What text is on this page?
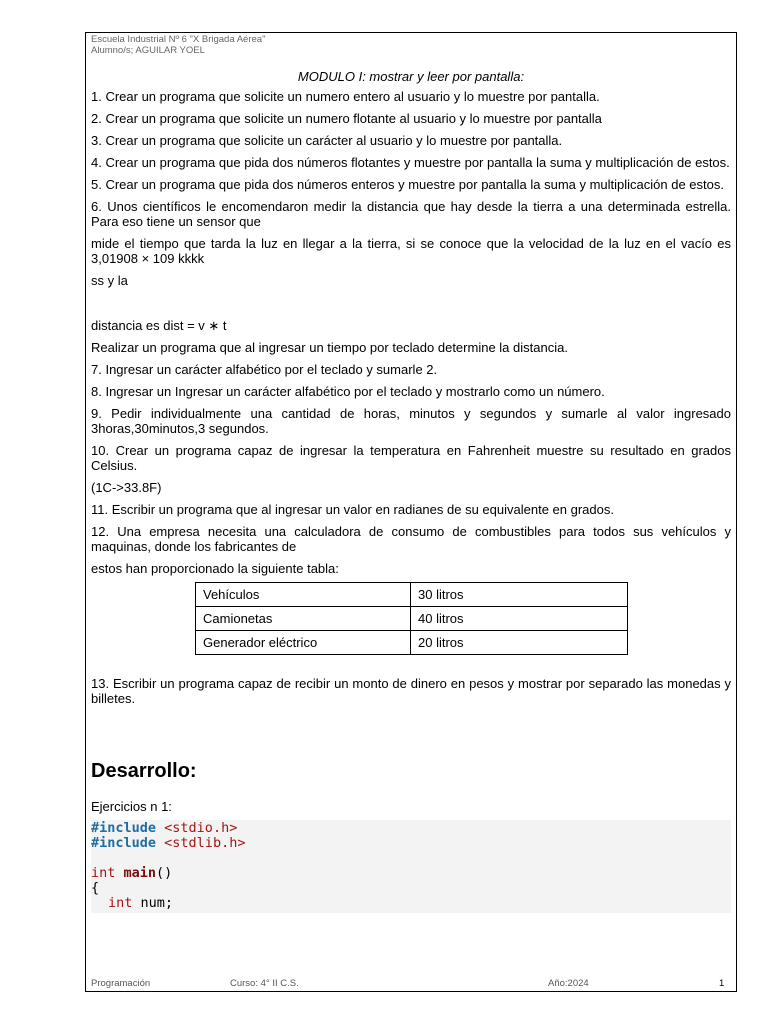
Escuela Industrial Nº 6 "X Brigada Aérea"
Alumno/s; AGUILAR YOEL
MODULO I: mostrar y leer por pantalla:

1. Crear un programa que solicite un numero entero al usuario y lo muestre por pantalla.

2. Crear un programa que solicite un numero flotante al usuario y lo muestre por pantalla

3. Crear un programa que solicite un carácter al usuario y lo muestre por pantalla.

4. Crear un programa que pida dos números flotantes y muestre por pantalla la suma y multiplicación de estos.

5. Crear un programa que pida dos números enteros y muestre por pantalla la suma y multiplicación de estos.

6. Unos científicos le encomendaron medir la distancia que hay desde la tierra a una determinada estrella. Para eso tiene un sensor que

mide el tiempo que tarda la luz en llegar a la tierra, si se conoce que la velocidad de la luz en el vacío es 3,01908 × 109 kkkk

ss y la

distancia es dist = v ∗ t

Realizar un programa que al ingresar un tiempo por teclado determine la distancia.

7. Ingresar un carácter alfabético por el teclado y sumarle 2.

8. Ingresar un Ingresar un carácter alfabético por el teclado y mostrarlo como un número.

9. Pedir individualmente una cantidad de horas, minutos y segundos y sumarle al valor ingresado 3horas,30minutos,3 segundos.

10. Crear un programa capaz de ingresar la temperatura en Fahrenheit muestre su resultado en grados Celsius.

(1C->33.8F)

11. Escribir un programa que al ingresar un valor en radianes de su equivalente en grados.

12. Una empresa necesita una calculadora de consumo de combustibles para todos sus vehículos y maquinas, donde los fabricantes de

estos han proporcionado la siguiente tabla:

Vehículos	30 litros
Camionetas	40 litros
Generador eléctrico	20 litros

13. Escribir un programa capaz de recibir un monto de dinero en pesos y mostrar por separado las monedas y billetes.

Desarrollo:

Ejercicios n 1:

#include <stdio.h>
#include <stdlib.h>

int main()
{
int num;
Programación	Curso: 4° II C.S.	Año:2024	1
